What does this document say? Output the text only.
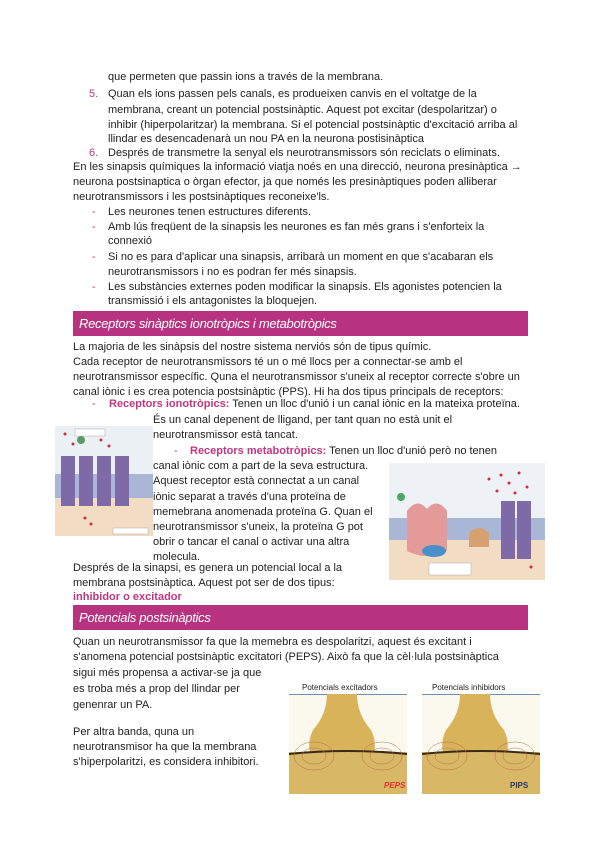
que permeten que passin ions a través de la membrana.
5. Quan els ions passen pels canals, es produeixen canvis en el voltatge de la
membrana, creant un potencial postsinàptic. Aquest pot excitar (despolaritzar) o
inhibir (hiperpolaritzar) la membrana. Si el potencial postsinàptic d'excitació arriba al
llindar es desencadenarà un nou PA en la neurona postisinàptica
6. Després de transmetre la senyal els neurotransmissors són reciclats o eliminats.
En les sinapsis químiques la informació viatja noés en una direcció, neurona presinàptica →
neurona postsinaptica o òrgan efector, ja que només les presinàptiques poden alliberar
neurotransmissors i les postsinàptiques reconeixe'ls.
- Les neurones tenen estructures diferents.
- Amb lús freqüent de la sinapsis les neurones es fan més grans i s'enforteix la
connexió
- Si no es para d'aplicar una sinapsis, arribarà un moment en que s'acabaran els
neurotransmissors i no es podran fer més sinapsis.
- Les substàncies externes poden modificar la sinapsis. Els agonistes potencien la
transmissió i els antagonistes la bloquejen.
Receptors sinàptics ionotròpics i metabotròpics
La majoria de les sinàpsis del nostre sistema nerviós són de tipus químic.
Cada receptor de neurotransmissors té un o mé llocs per a connectar-se amb el
neurotransmissor específic. Quna el neurotransmissor s'uneix al receptor correcte s'obre un
canal iònic i es crea potencia postsinàptic (PPS). Hi ha dos tipus principals de receptors:
- Receptors ionotròpics: Tenen un lloc d'unió i un canal iònic en la mateixa proteïna.
És un canal depenent de lligand, per tant quan no està unit el
neurotransmissor està tancat.
- Receptors metabotròpics: Tenen un lloc d'unió però no tenen
canal iònic com a part de la seva estructura.
Aquest receptor està connectat a un canal
iònic separat a través d'una proteïna de
memebrana anomenada proteïna G. Quan el
neurotransmissor s'uneix, la proteïna G pot
obrir o tancar el canal o activar una altra
molecula.
Després de la sinapsi, es genera un potencial local a la
membrana postsinàptica. Aquest pot ser de dos tipus:
inhibidor o excitador
Potencials postsinàptics
Quan un neurotransmissor fa que la memebra es despolaritzi, aquest és excitant i
s'anomena potencial postsinàptic excitatori (PEPS). Això fa que la cèl·lula postsinàptica
sigui més propensa a activar-se ja que
es troba més a prop del llindar per
genenrar un PA.
Per altra banda, quna un
neurotransmisor ha que la membrana
s'hiperpolaritzi, es considera inhibitori.
Potencials excitadors	Potencials inhibidors
PEPS	PIPS
